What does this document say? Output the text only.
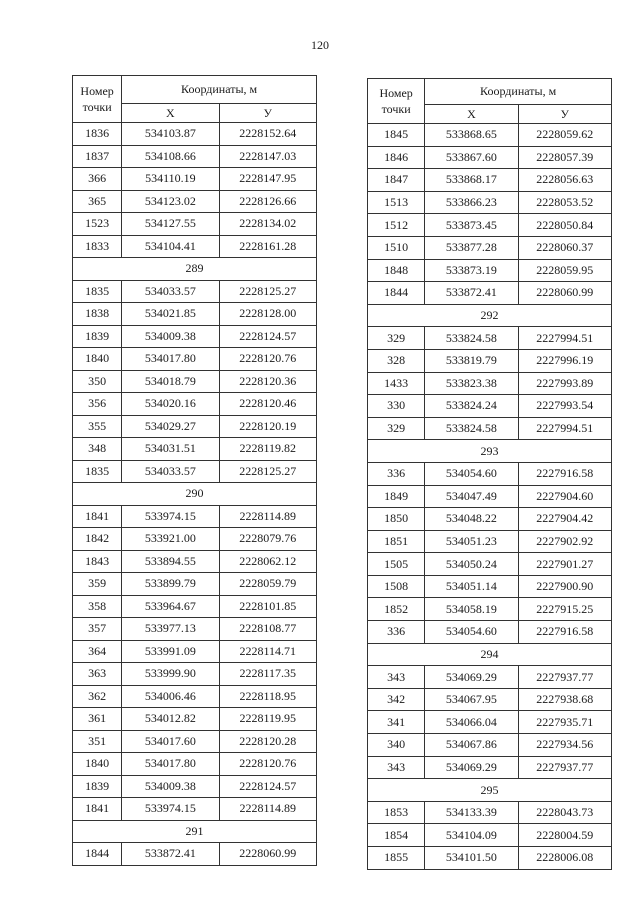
120
Номер точки	Координаты, м	
	X	У
1836	534103.87	2228152.64
1837	534108.66	2228147.03
366	534110.19	2228147.95
365	534123.02	2228126.66
1523	534127.55	2228134.02
1833	534104.41	2228161.28
289		
1835	534033.57	2228125.27
1838	534021.85	2228128.00
1839	534009.38	2228124.57
1840	534017.80	2228120.76
350	534018.79	2228120.36
356	534020.16	2228120.46
355	534029.27	2228120.19
348	534031.51	2228119.82
1835	534033.57	2228125.27
290		
1841	533974.15	2228114.89
1842	533921.00	2228079.76
1843	533894.55	2228062.12
359	533899.79	2228059.79
358	533964.67	2228101.85
357	533977.13	2228108.77
364	533991.09	2228114.71
363	533999.90	2228117.35
362	534006.46	2228118.95
361	534012.82	2228119.95
351	534017.60	2228120.28
1840	534017.80	2228120.76
1839	534009.38	2228124.57
1841	533974.15	2228114.89
291		
1844	533872.41	2228060.99
Номер точки	Координаты, м	
	X	У
1845	533868.65	2228059.62
1846	533867.60	2228057.39
1847	533868.17	2228056.63
1513	533866.23	2228053.52
1512	533873.45	2228050.84
1510	533877.28	2228060.37
1848	533873.19	2228059.95
1844	533872.41	2228060.99
292		
329	533824.58	2227994.51
328	533819.79	2227996.19
1433	533823.38	2227993.89
330	533824.24	2227993.54
329	533824.58	2227994.51
293		
336	534054.60	2227916.58
1849	534047.49	2227904.60
1850	534048.22	2227904.42
1851	534051.23	2227902.92
1505	534050.24	2227901.27
1508	534051.14	2227900.90
1852	534058.19	2227915.25
336	534054.60	2227916.58
294		
343	534069.29	2227937.77
342	534067.95	2227938.68
341	534066.04	2227935.71
340	534067.86	2227934.56
343	534069.29	2227937.77
295		
1853	534133.39	2228043.73
1854	534104.09	2228004.59
1855	534101.50	2228006.08
